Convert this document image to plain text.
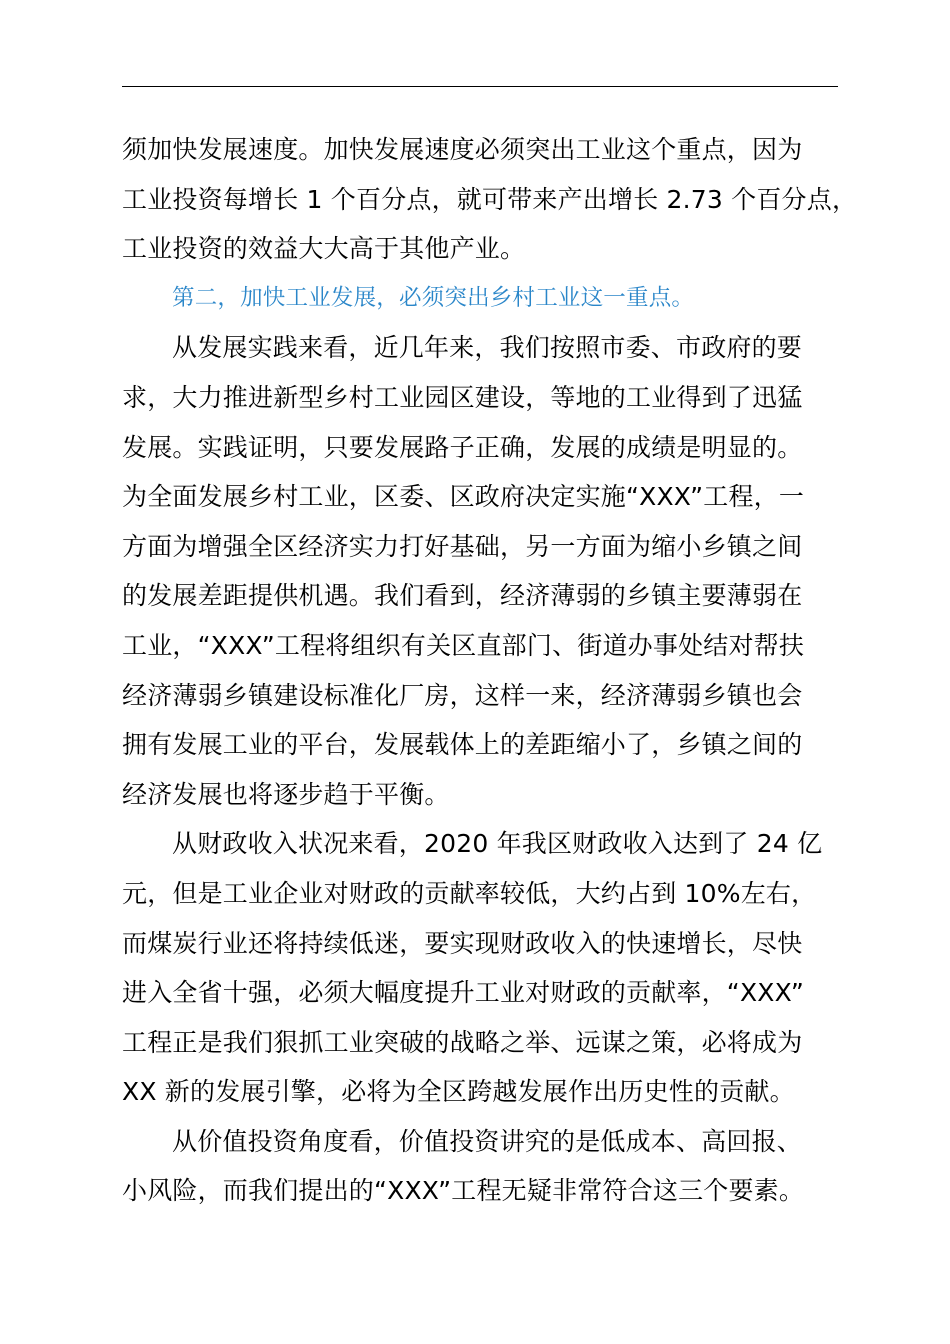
须加快发展速度。加快发展速度必须突出工业这个重点，因为
工业投资每增长 1 个百分点，就可带来产出增长 2.73 个百分点，
工业投资的效益大大高于其他产业。
第二，加快工业发展，必须突出乡村工业这一重点。
从发展实践来看，近几年来，我们按照市委、市政府的要
求，大力推进新型乡村工业园区建设，等地的工业得到了迅猛
发展。实践证明，只要发展路子正确，发展的成绩是明显的。
为全面发展乡村工业，区委、区政府决定实施“XXX”工程，一
方面为增强全区经济实力打好基础，另一方面为缩小乡镇之间
的发展差距提供机遇。我们看到，经济薄弱的乡镇主要薄弱在
工业，“XXX”工程将组织有关区直部门、街道办事处结对帮扶
经济薄弱乡镇建设标准化厂房，这样一来，经济薄弱乡镇也会
拥有发展工业的平台，发展载体上的差距缩小了，乡镇之间的
经济发展也将逐步趋于平衡。
从财政收入状况来看，2020 年我区财政收入达到了 24 亿
元，但是工业企业对财政的贡献率较低，大约占到 10%左右，
而煤炭行业还将持续低迷，要实现财政收入的快速增长，尽快
进入全省十强，必须大幅度提升工业对财政的贡献率，“XXX”
工程正是我们狠抓工业突破的战略之举、远谋之策，必将成为
XX 新的发展引擎，必将为全区跨越发展作出历史性的贡献。
从价值投资角度看，价值投资讲究的是低成本、高回报、
小风险，而我们提出的“XXX”工程无疑非常符合这三个要素。
